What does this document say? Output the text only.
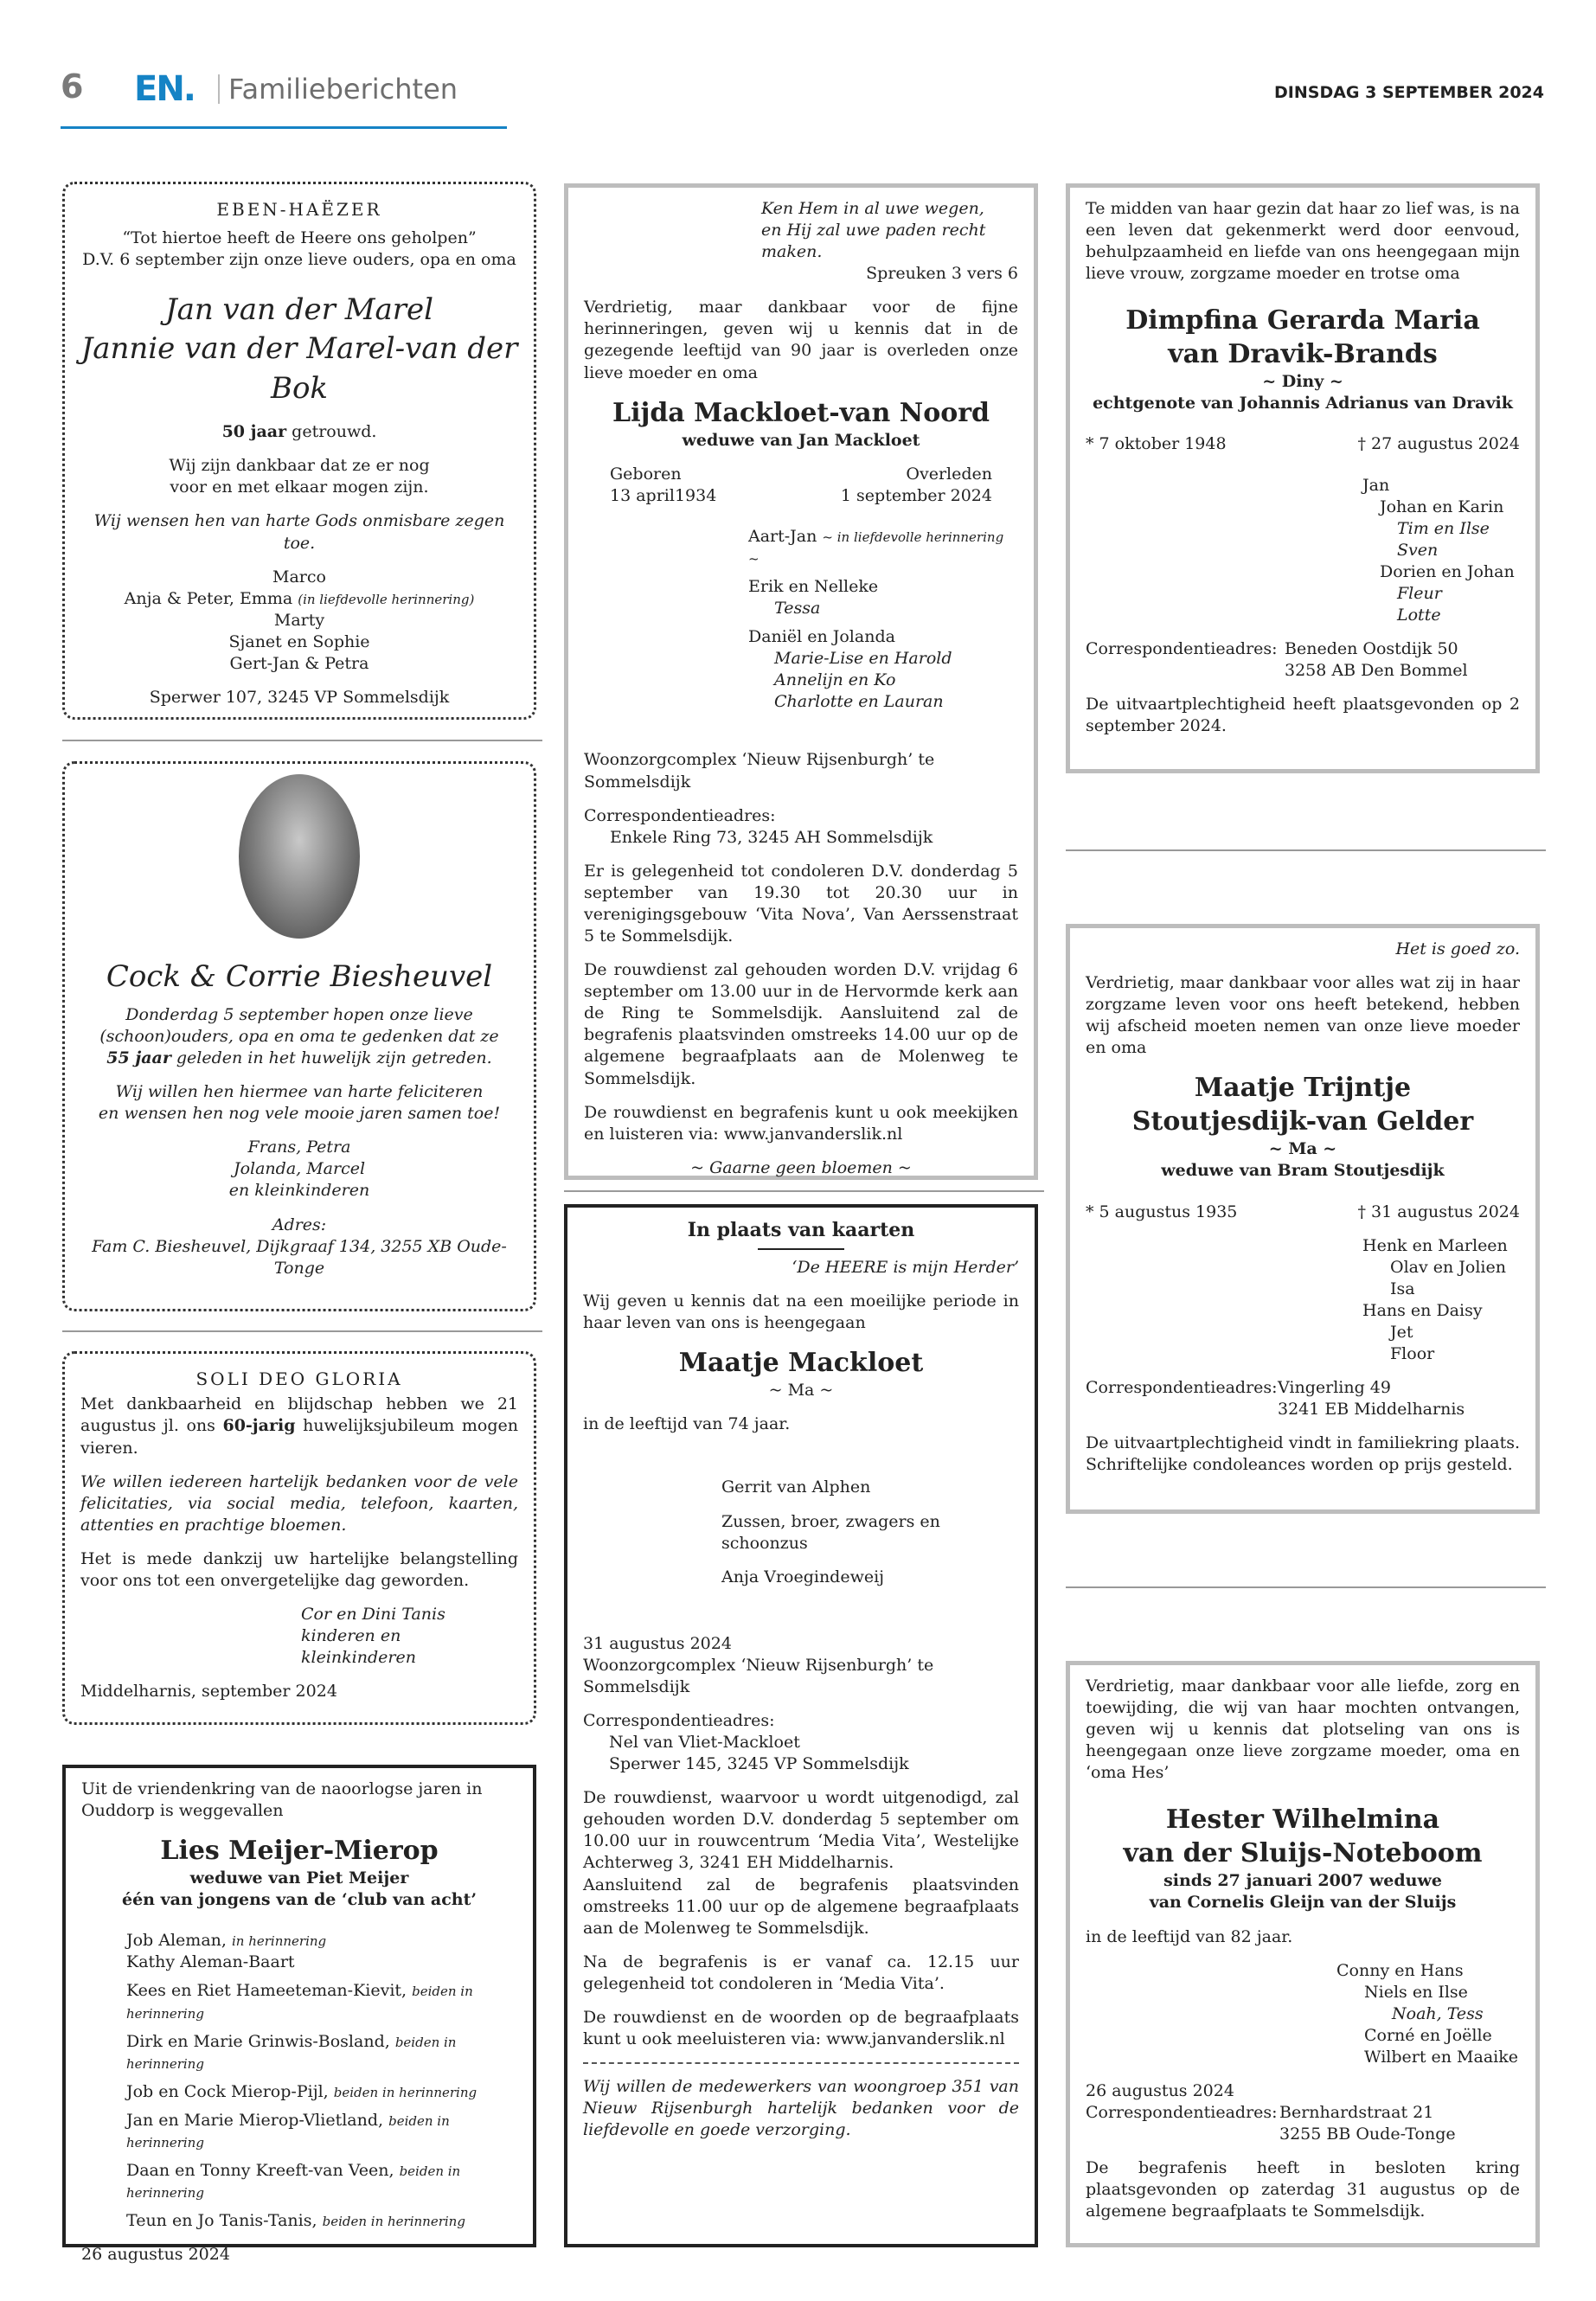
6 EN. Familieberichten	DINSDAG 3 SEPTEMBER 2024
EBEN-HAËZER
“Tot hiertoe heeft de Heere ons geholpen”
D.V. 6 september zijn onze lieve ouders, opa en oma
Jan van der Marel
Jannie van der Marel-van der Bok
50 jaar getrouwd.
Wij zijn dankbaar dat ze er nog
voor en met elkaar mogen zijn.
Wij wensen hen van harte Gods onmisbare zegen toe.
Marco
Anja & Peter, Emma (in liefdevolle herinnering)
Marty
Sjanet en Sophie
Gert-Jan & Petra
Sperwer 107, 3245 VP Sommelsdijk
Cock & Corrie Biesheuvel
Donderdag 5 september hopen onze lieve
(schoon)ouders, opa en oma te gedenken dat ze
55 jaar geleden in het huwelijk zijn getreden.
Wij willen hen hiermee van harte feliciteren
en wensen hen nog vele mooie jaren samen toe!
Frans, Petra
Jolanda, Marcel
en kleinkinderen
Adres:
Fam C. Biesheuvel, Dijkgraaf 134, 3255 XB Oude-Tonge
SOLI DEO GLORIA
Met dankbaarheid en blijdschap hebben we 21 augustus jl. ons 60-jarig huwelijksjubileum mogen vieren.
We willen iedereen hartelijk bedanken voor de vele felicitaties, via social media, telefoon, kaarten, attenties en prachtige bloemen.
Het is mede dankzij uw hartelijke belangstelling voor ons tot een onvergetelijke dag geworden.
Cor en Dini Tanis
kinderen en kleinkinderen
Middelharnis, september 2024
Uit de vriendenkring van de naoorlogse jaren in Ouddorp is weggevallen
Lies Meijer-Mierop
weduwe van Piet Meijer
één van jongens van de ‘club van acht’
Job Aleman, in herinnering
Kathy Aleman-Baart
Kees en Riet Hameeteman-Kievit, beiden in herinnering
Dirk en Marie Grinwis-Bosland, beiden in herinnering
Job en Cock Mierop-Pijl, beiden in herinnering
Jan en Marie Mierop-Vlietland, beiden in herinnering
Daan en Tonny Kreeft-van Veen, beiden in herinnering
Teun en Jo Tanis-Tanis, beiden in herinnering
26 augustus 2024
Ken Hem in al uwe wegen,
en Hij zal uwe paden recht maken.
Spreuken 3 vers 6
Verdrietig, maar dankbaar voor de fijne herinneringen, geven wij u kennis dat in de gezegende leeftijd van 90 jaar is overleden onze lieve moeder en oma
Lijda Mackloet-van Noord
weduwe van Jan Mackloet
Geboren
13 april1934
Overleden
1 september 2024
Aart-Jan ~ in liefdevolle herinnering ~
Erik en Nelleke
Tessa
Daniël en Jolanda
Marie-Lise en Harold
Annelijn en Ko
Charlotte en Lauran
Woonzorgcomplex ‘Nieuw Rijsenburgh’ te Sommelsdijk
Correspondentieadres:
Enkele Ring 73, 3245 AH Sommelsdijk
Er is gelegenheid tot condoleren D.V. donderdag 5 september van 19.30 tot 20.30 uur in verenigingsgebouw ‘Vita Nova’, Van Aerssenstraat 5 te Sommelsdijk.
De rouwdienst zal gehouden worden D.V. vrijdag 6 september om 13.00 uur in de Hervormde kerk aan de Ring te Sommelsdijk. Aansluitend zal de begrafenis plaatsvinden omstreeks 14.00 uur op de algemene begraafplaats aan de Molenweg te Sommelsdijk.
De rouwdienst en begrafenis kunt u ook meekijken en luisteren via: www.janvanderslik.nl
~ Gaarne geen bloemen ~
In plaats van kaarten
‘De HEERE is mijn Herder’
Wij geven u kennis dat na een moeilijke periode in haar leven van ons is heengegaan
Maatje Mackloet
~ Ma ~
in de leeftijd van 74 jaar.
Gerrit van Alphen
Zussen, broer, zwagers en schoonzus
Anja Vroegindeweij
31 augustus 2024
Woonzorgcomplex ‘Nieuw Rijsenburgh’ te Sommelsdijk
Correspondentieadres:
Nel van Vliet-Mackloet
Sperwer 145, 3245 VP Sommelsdijk
De rouwdienst, waarvoor u wordt uitgenodigd, zal gehouden worden D.V. donderdag 5 september om 10.00 uur in rouwcentrum ‘Media Vita’, Westelijke Achterweg 3, 3241 EH Middelharnis.
Aansluitend zal de begrafenis plaatsvinden omstreeks 11.00 uur op de algemene begraafplaats aan de Molenweg te Sommelsdijk.
Na de begrafenis is er vanaf ca. 12.15 uur gelegenheid tot condoleren in ‘Media Vita’.
De rouwdienst en de woorden op de begraafplaats kunt u ook meeluisteren via: www.janvanderslik.nl
Wij willen de medewerkers van woongroep 351 van Nieuw Rijsenburgh hartelijk bedanken voor de liefdevolle en goede verzorging.
Te midden van haar gezin dat haar zo lief was, is na een leven dat gekenmerkt werd door eenvoud, behulpzaamheid en liefde van ons heengegaan mijn lieve vrouw, zorgzame moeder en trotse oma
Dimpfina Gerarda Maria
van Dravik-Brands
~ Diny ~
echtgenote van Johannis Adrianus van Dravik
* 7 oktober 1948	† 27 augustus 2024
Jan
Johan en Karin
Tim en Ilse
Sven
Dorien en Johan
Fleur
Lotte
Correspondentieadres: Beneden Oostdijk 50
3258 AB Den Bommel
De uitvaartplechtigheid heeft plaatsgevonden op 2 september 2024.
Het is goed zo.
Verdrietig, maar dankbaar voor alles wat zij in haar zorgzame leven voor ons heeft betekend, hebben wij afscheid moeten nemen van onze lieve moeder en oma
Maatje Trijntje
Stoutjesdijk-van Gelder
~ Ma ~
weduwe van Bram Stoutjesdijk
* 5 augustus 1935	† 31 augustus 2024
Henk en Marleen
Olav en Jolien
Isa
Hans en Daisy
Jet
Floor
Correspondentieadres: Vingerling 49
3241 EB Middelharnis
De uitvaartplechtigheid vindt in familiekring plaats. Schriftelijke condoleances worden op prijs gesteld.
Verdrietig, maar dankbaar voor alle liefde, zorg en toewijding, die wij van haar mochten ontvangen, geven wij u kennis dat plotseling van ons is heengegaan onze lieve zorgzame moeder, oma en ‘oma Hes’
Hester Wilhelmina
van der Sluijs-Noteboom
sinds 27 januari 2007 weduwe
van Cornelis Gleijn van der Sluijs
in de leeftijd van 82 jaar.
Conny en Hans
Niels en Ilse
Noah, Tess
Corné en Joëlle
Wilbert en Maaike
26 augustus 2024
Correspondentieadres: Bernhardstraat 21
3255 BB Oude-Tonge
De begrafenis heeft in besloten kring plaatsgevonden op zaterdag 31 augustus op de algemene begraafplaats te Sommelsdijk.
